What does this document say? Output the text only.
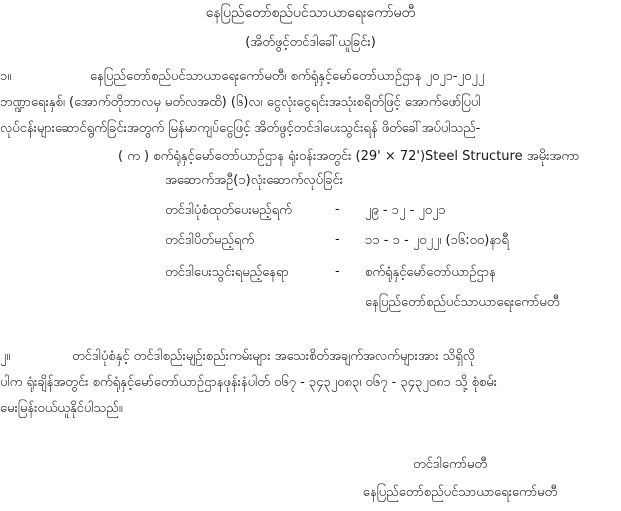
နေပြည်တော်စည်ပင်သာယာရေးကော်မတီ
(အိတ်ဖွင့်တင်ဒါခေါ်ယူခြင်း)
၁။	နေပြည်တော်စည်ပင်သာယာရေးကော်မတီ၊ စက်ရုံနှင့်မော်တော်ယာဉ်ဌာန ၂၀၂၁-၂၀၂၂
ဘဏ္ဍာရေးနှစ်၊ (အောက်တိုဘာလမှ မတ်လအထိ) (၆)လ၊ ငွေလုံးငွေရင်းအသုံးစရိတ်ဖြင့် အောက်ဖော်ပြပါ
လုပ်ငန်းများဆောင်ရွက်ခြင်းအတွက် မြန်မာကျပ်ငွေဖြင့် အိတ်ဖွင့်တင်ဒါပေးသွင်းရန် ဖိတ်ခေါ်အပ်ပါသည်-
( က ) စက်ရုံနှင့်မော်တော်ယာဉ်ဌာန ရုံးဝန်းအတွင်း (29' × 72')Steel Structure အမိုးအကာ
အဆောက်အဦ(၁)လုံးဆောက်လုပ်ခြင်း
တင်ဒါပုံစံထုတ်ပေးမည့်ရက်	- ၂၉ - ၁၂ - ၂၀၂၁
တင်ဒါပိတ်မည့်ရက်	- ၁၁ - ၁ - ၂၀၂၂၊ (၁၆:၀၀)နာရီ
တင်ဒါပေးသွင်းရမည့်နေရာ	- စက်ရုံနှင့်မော်တော်ယာဉ်ဌာန
နေပြည်တော်စည်ပင်သာယာရေးကော်မတီ
၂။	တင်ဒါပုံစံနှင့် တင်ဒါစည်းမျဉ်းစည်းကမ်းများ အသေးစိတ်အချက်အလက်များအား သိရှိလို
ပါက ရုံးချိန်အတွင်း စက်ရုံနှင့်မော်တော်ယာဉ်ဌာနဖုန်းနံပါတ် ၀၆၇ - ၃၄၃၂၀၈၃၊ ၀၆၇ - ၃၄၃၂၀၈၁ သို့ စုံစမ်း
မေးမြန်းဝယ်ယူနိုင်ပါသည်။
တင်ဒါကော်မတီ
နေပြည်တော်စည်ပင်သာယာရေးကော်မတီ
